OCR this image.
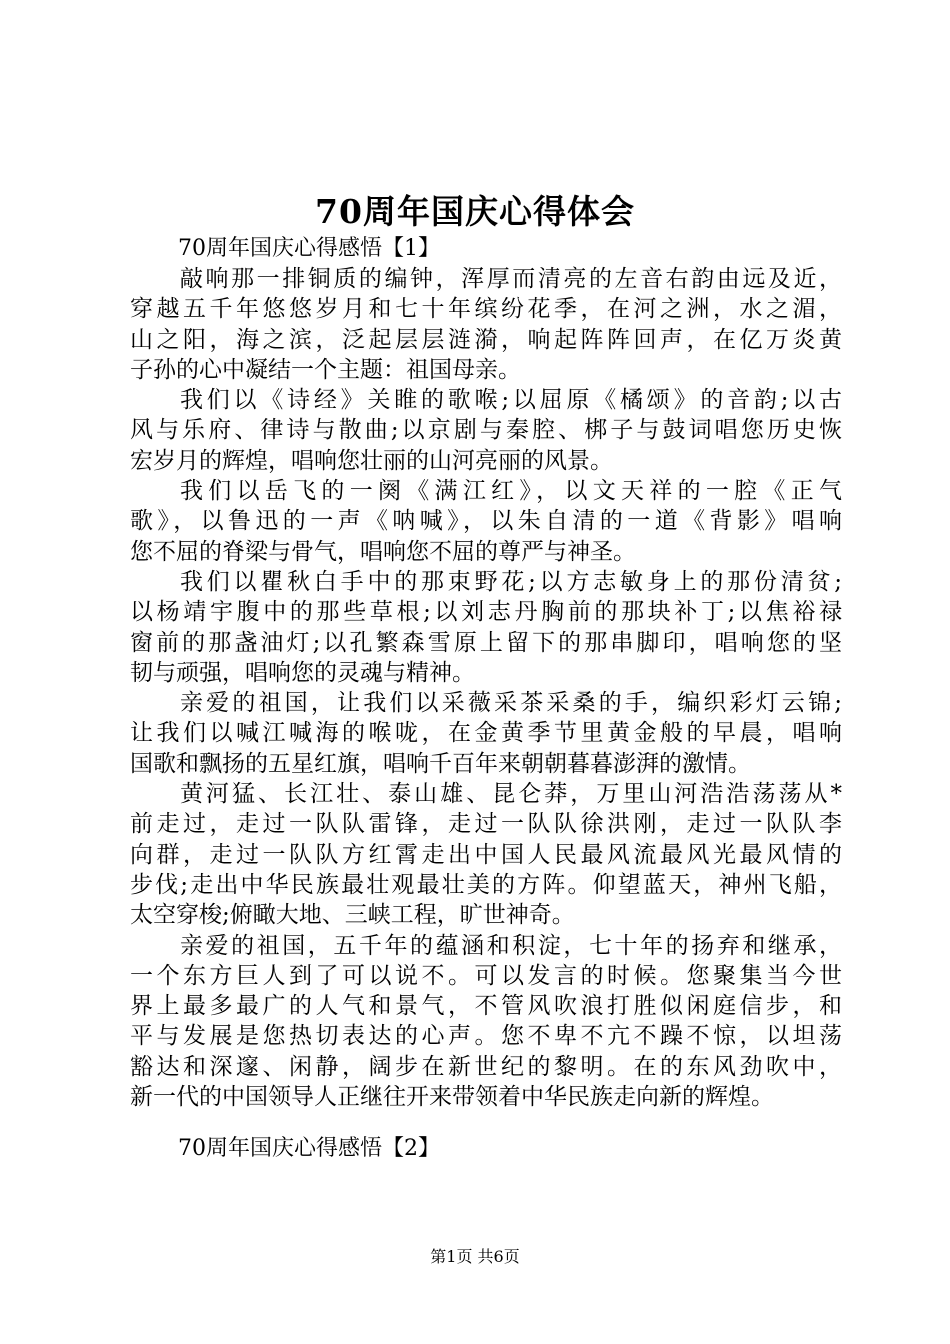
70周年国庆心得体会
70周年国庆心得感悟【1】
敲响那一排铜质的编钟，浑厚而清亮的左音右韵由远及近，
穿越五千年悠悠岁月和七十年缤纷花季，在河之洲，水之湄，
山之阳，海之滨，泛起层层涟漪，响起阵阵回声，在亿万炎黄
子孙的心中凝结一个主题：祖国母亲。
我们以《诗经》关睢的歌喉;以屈原《橘颂》的音韵;以古
风与乐府、律诗与散曲;以京剧与秦腔、梆子与鼓词唱您历史恢
宏岁月的辉煌，唱响您壮丽的山河亮丽的风景。
我们以岳飞的一阕《满江红》，以文天祥的一腔《正气
歌》，以鲁迅的一声《呐喊》，以朱自清的一道《背影》唱响
您不屈的脊梁与骨气，唱响您不屈的尊严与神圣。
我们以瞿秋白手中的那束野花;以方志敏身上的那份清贫;
以杨靖宇腹中的那些草根;以刘志丹胸前的那块补丁;以焦裕禄
窗前的那盏油灯;以孔繁森雪原上留下的那串脚印，唱响您的坚
韧与顽强，唱响您的灵魂与精神。
亲爱的祖国，让我们以采薇采茶采桑的手，编织彩灯云锦;
让我们以喊江喊海的喉咙，在金黄季节里黄金般的早晨，唱响
国歌和飘扬的五星红旗，唱响千百年来朝朝暮暮澎湃的激情。
黄河猛、长江壮、泰山雄、昆仑莽，万里山河浩浩荡荡从*
前走过，走过一队队雷锋，走过一队队徐洪刚，走过一队队李
向群，走过一队队方红霄走出中国人民最风流最风光最风情的
步伐;走出中华民族最壮观最壮美的方阵。仰望蓝天，神州飞船，
太空穿梭;俯瞰大地、三峡工程，旷世神奇。
亲爱的祖国，五千年的蕴涵和积淀，七十年的扬弃和继承，
一个东方巨人到了可以说不。可以发言的时候。您聚集当今世
界上最多最广的人气和景气，不管风吹浪打胜似闲庭信步，和
平与发展是您热切表达的心声。您不卑不亢不躁不惊，以坦荡
豁达和深邃、闲静，阔步在新世纪的黎明。在的东风劲吹中，
新一代的中国领导人正继往开来带领着中华民族走向新的辉煌。
70周年国庆心得感悟【2】
第1页 共6页
